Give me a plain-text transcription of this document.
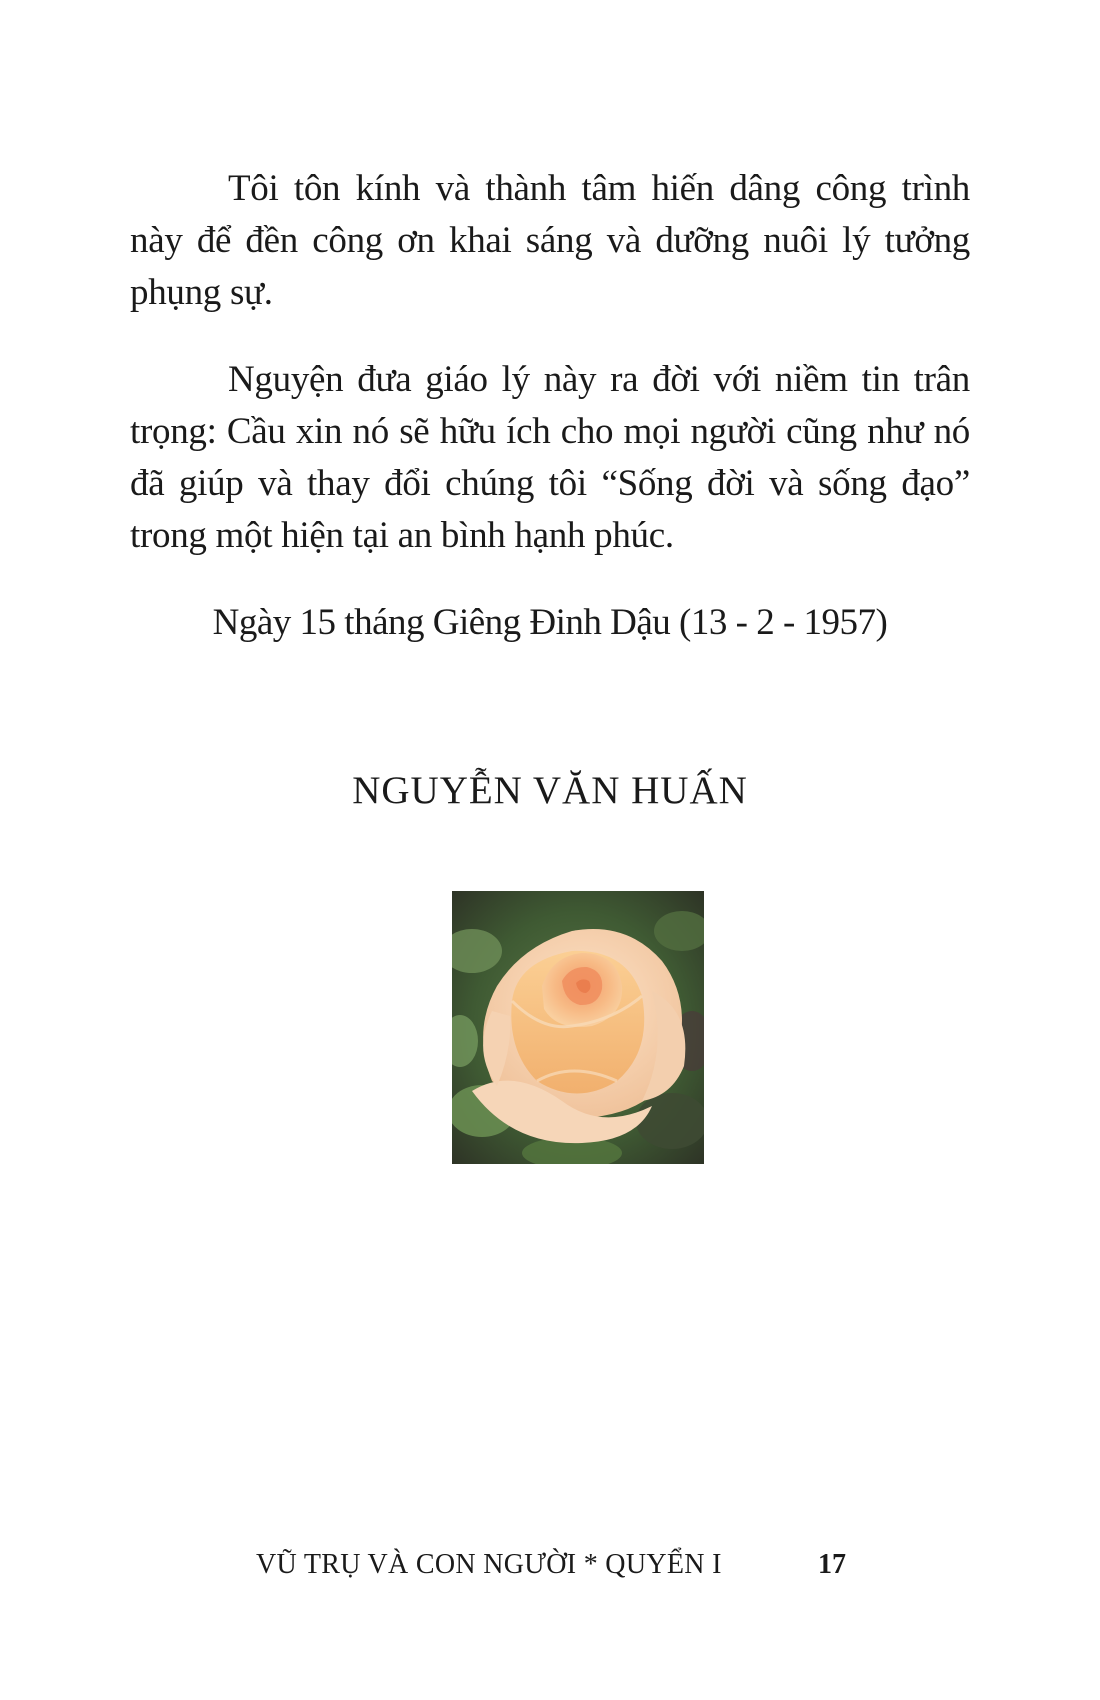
Tôi tôn kính và thành tâm hiến dâng công trình này để đền công ơn khai sáng và dưỡng nuôi lý tưởng phụng sự.

Nguyện đưa giáo lý này ra đời với niềm tin trân trọng: Cầu xin nó sẽ hữu ích cho mọi người cũng như nó đã giúp và thay đổi chúng tôi “Sống đời và sống đạo” trong một hiện tại an bình hạnh phúc.

Ngày 15 tháng Giêng Đinh Dậu (13 - 2 - 1957)

NGUYỄN VĂN HUẤN

VŨ TRỤ VÀ CON NGƯỜI * QUYỂN I	17
